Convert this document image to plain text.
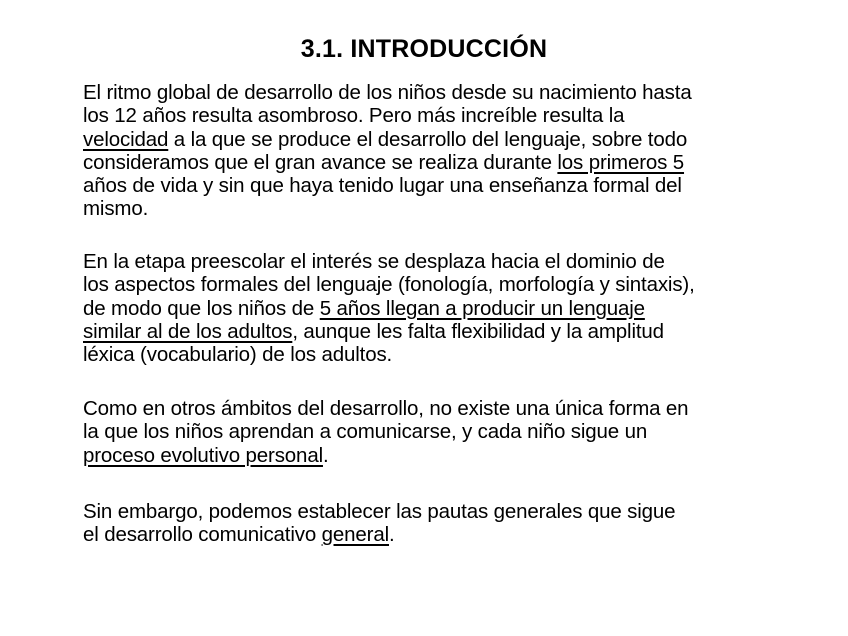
3.1. INTRODUCCIÓN

El ritmo global de desarrollo de los niños desde su nacimiento hasta
los 12 años resulta asombroso. Pero más increíble resulta la
velocidad a la que se produce el desarrollo del lenguaje, sobre todo
consideramos que el gran avance se realiza durante los primeros 5
años de vida y sin que haya tenido lugar una enseñanza formal del
mismo.

En la etapa preescolar el interés se desplaza hacia el dominio de
los aspectos formales del lenguaje (fonología, morfología y sintaxis),
de modo que los niños de 5 años llegan a producir un lenguaje
similar al de los adultos, aunque les falta flexibilidad y la amplitud
léxica (vocabulario) de los adultos.

Como en otros ámbitos del desarrollo, no existe una única forma en
la que los niños aprendan a comunicarse, y cada niño sigue un
proceso evolutivo personal.

Sin embargo, podemos establecer las pautas generales que sigue
el desarrollo comunicativo general.
